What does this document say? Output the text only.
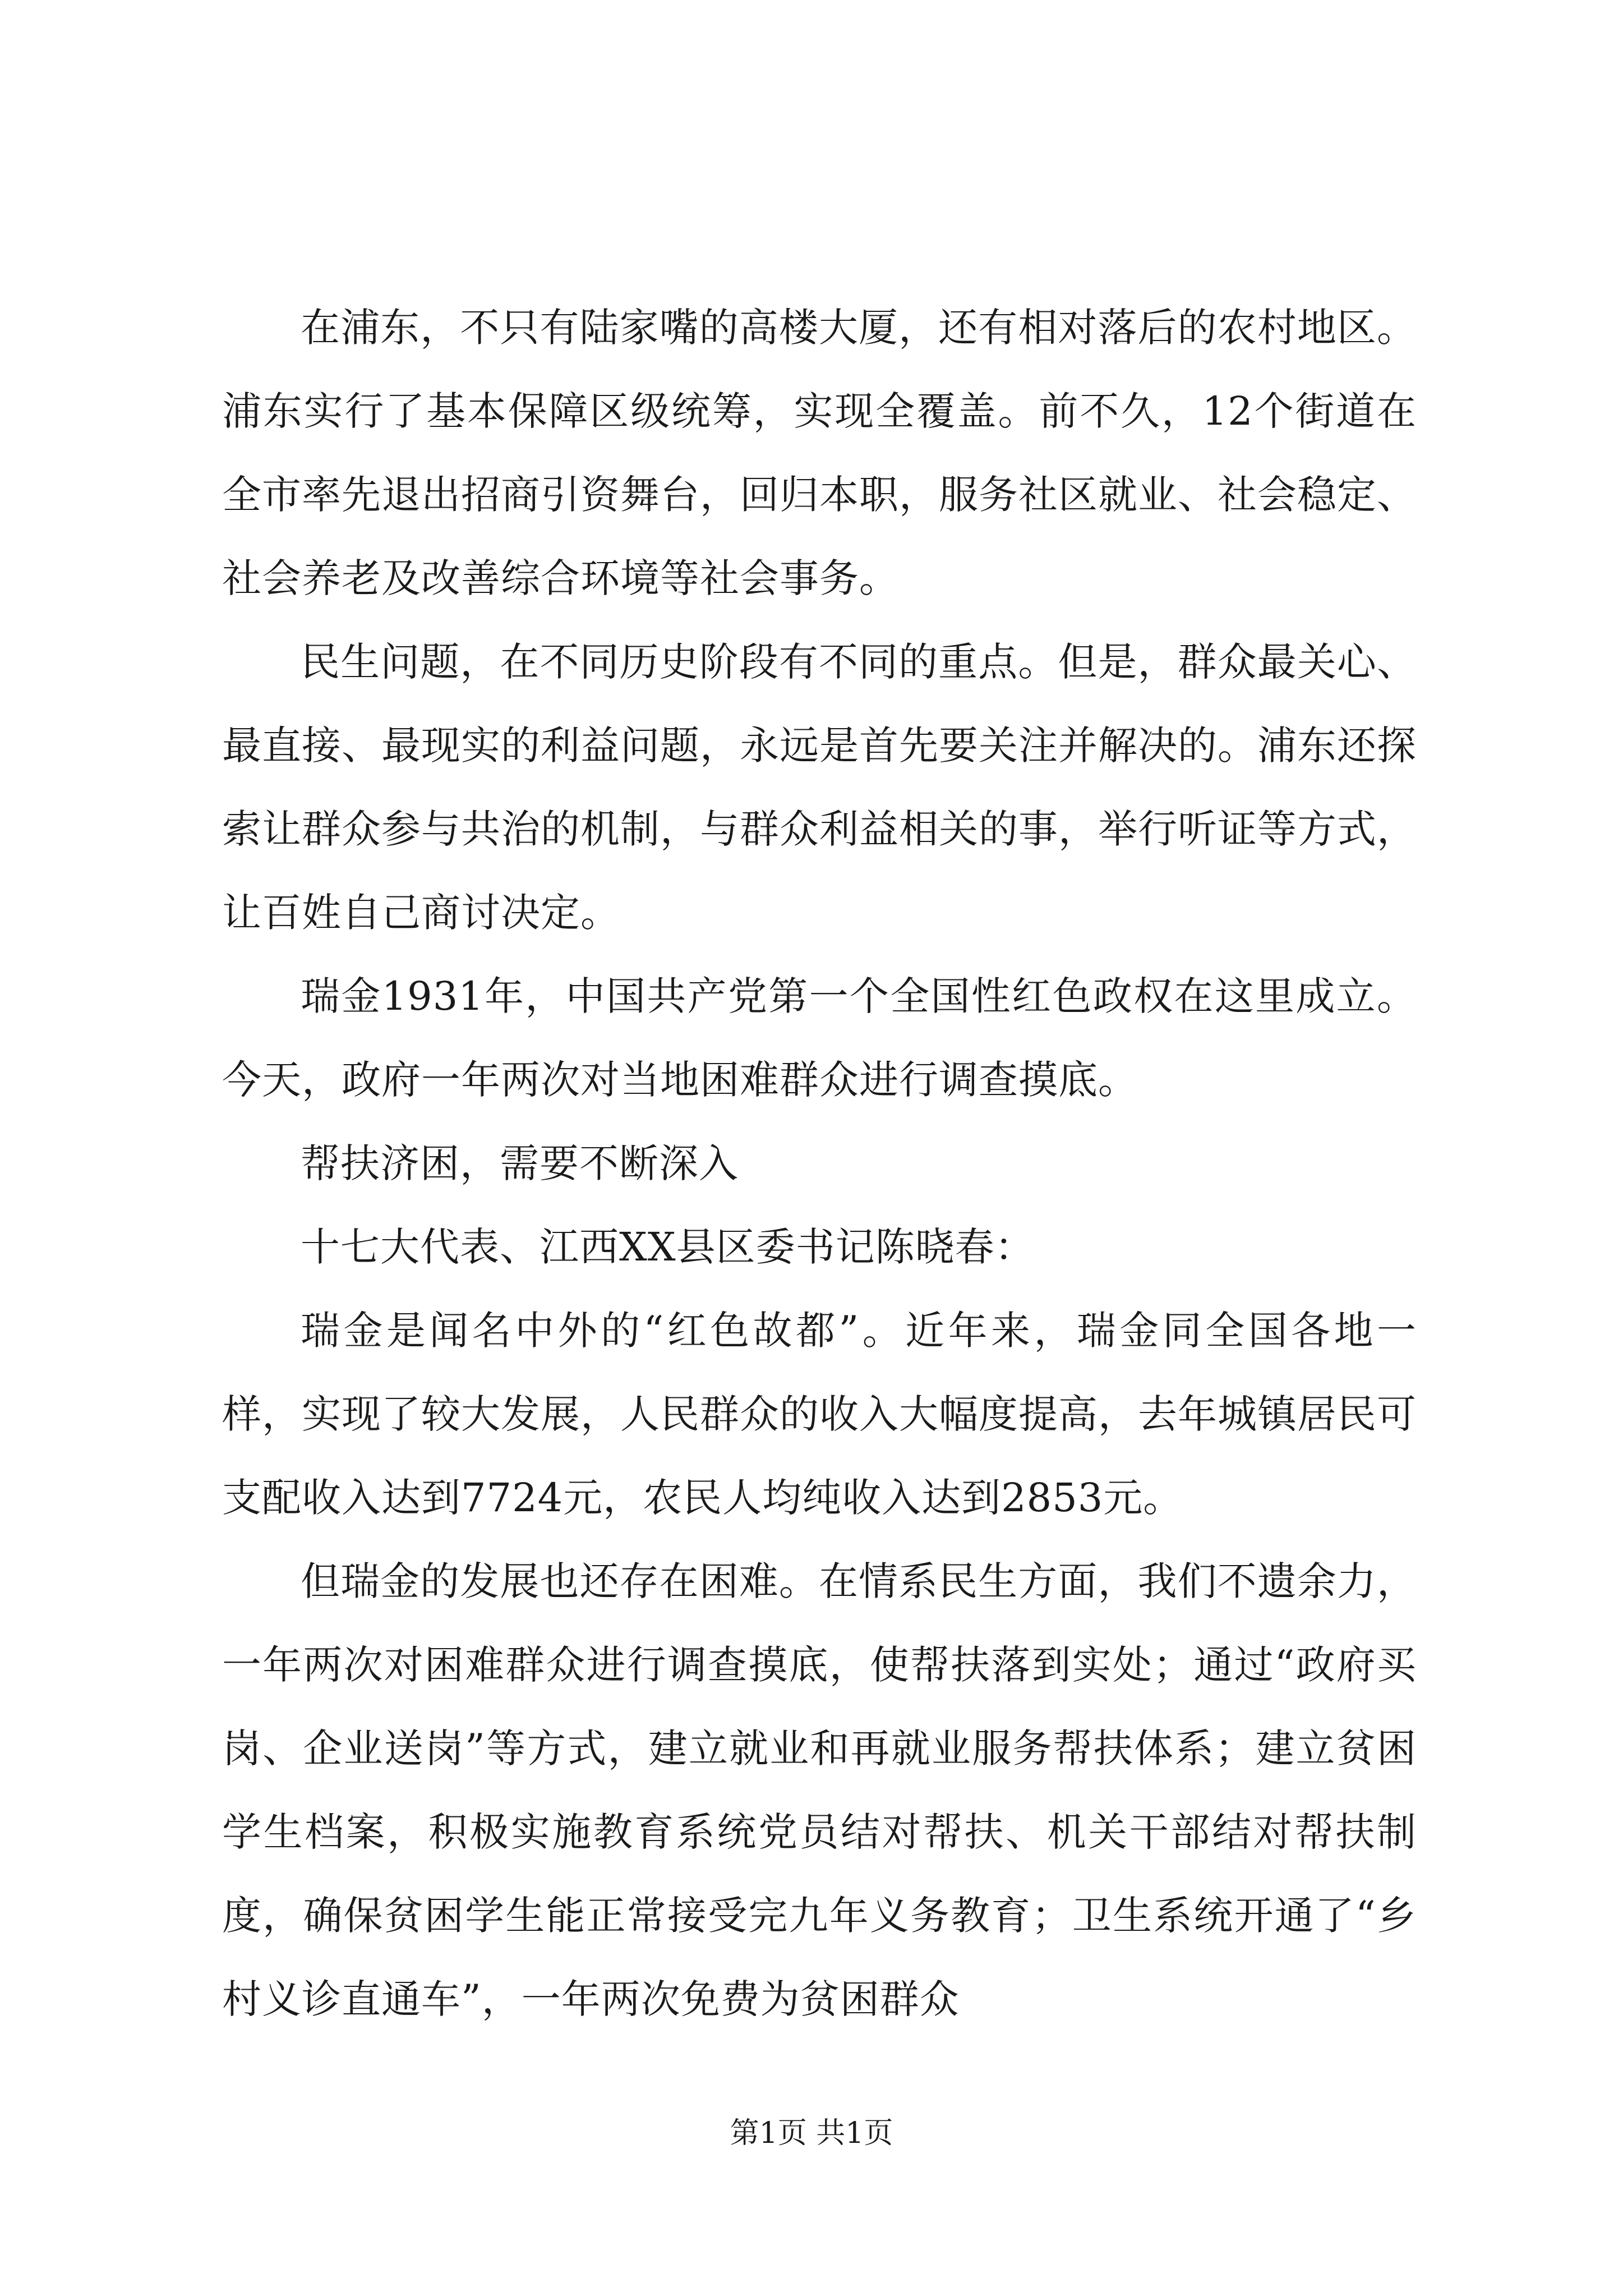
在浦东，不只有陆家嘴的高楼大厦，还有相对落后的农村地区。浦东实行了基本保障区级统筹，实现全覆盖。前不久，12个街道在全市率先退出招商引资舞台，回归本职，服务社区就业、社会稳定、社会养老及改善综合环境等社会事务。

民生问题，在不同历史阶段有不同的重点。但是，群众最关心、最直接、最现实的利益问题，永远是首先要关注并解决的。浦东还探索让群众参与共治的机制，与群众利益相关的事，举行听证等方式，让百姓自己商讨决定。

瑞金1931年，中国共产党第一个全国性红色政权在这里成立。今天，政府一年两次对当地困难群众进行调查摸底。

帮扶济困，需要不断深入

十七大代表、江西XX县区委书记陈晓春：

瑞金是闻名中外的“红色故都”。近年来，瑞金同全国各地一样，实现了较大发展，人民群众的收入大幅度提高，去年城镇居民可支配收入达到7724元，农民人均纯收入达到2853元。

但瑞金的发展也还存在困难。在情系民生方面，我们不遗余力，一年两次对困难群众进行调查摸底，使帮扶落到实处；通过“政府买岗、企业送岗”等方式，建立就业和再就业服务帮扶体系；建立贫困学生档案，积极实施教育系统党员结对帮扶、机关干部结对帮扶制度，确保贫困学生能正常接受完九年义务教育；卫生系统开通了“乡村义诊直通车”，一年两次免费为贫困群众

第1页 共1页
